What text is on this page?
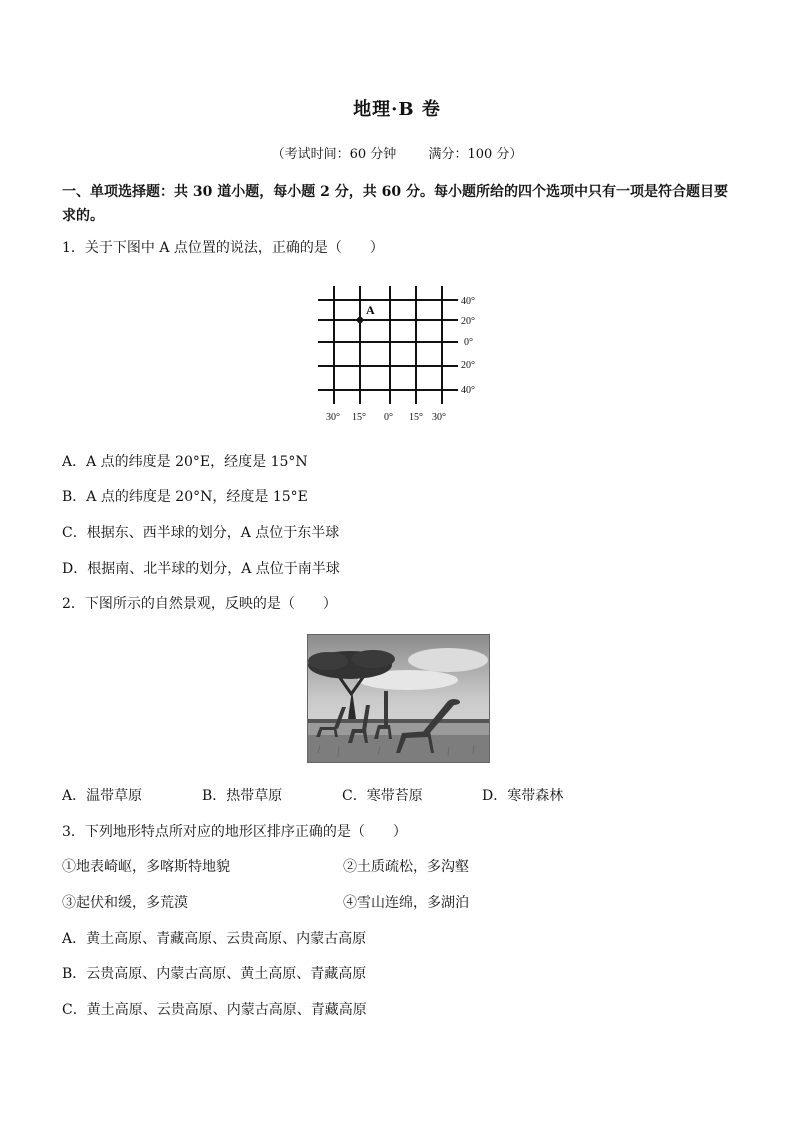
地理·B 卷
（考试时间：60 分钟 满分：100 分）
一、单项选择题：共 30 道小题，每小题 2 分，共 60 分。每小题所给的四个选项中只有一项是符合题目要求的。
1．关于下图中 A 点位置的说法，正确的是（　　）
A
40°
20°
0°
20°
40°
30° 15° 0° 15° 30°
A．A 点的纬度是 20°E，经度是 15°N
B．A 点的纬度是 20°N，经度是 15°E
C．根据东、西半球的划分，A 点位于东半球
D．根据南、北半球的划分，A 点位于南半球
2．下图所示的自然景观，反映的是（　　）
A．温带草原	B．热带草原	C．寒带苔原	D．寒带森林
3．下列地形特点所对应的地形区排序正确的是（　　）
①地表崎岖，多喀斯特地貌	②土质疏松，多沟壑
③起伏和缓，多荒漠	④雪山连绵，多湖泊
A．黄土高原、青藏高原、云贵高原、内蒙古高原
B．云贵高原、内蒙古高原、黄土高原、青藏高原
C．黄土高原、云贵高原、内蒙古高原、青藏高原
